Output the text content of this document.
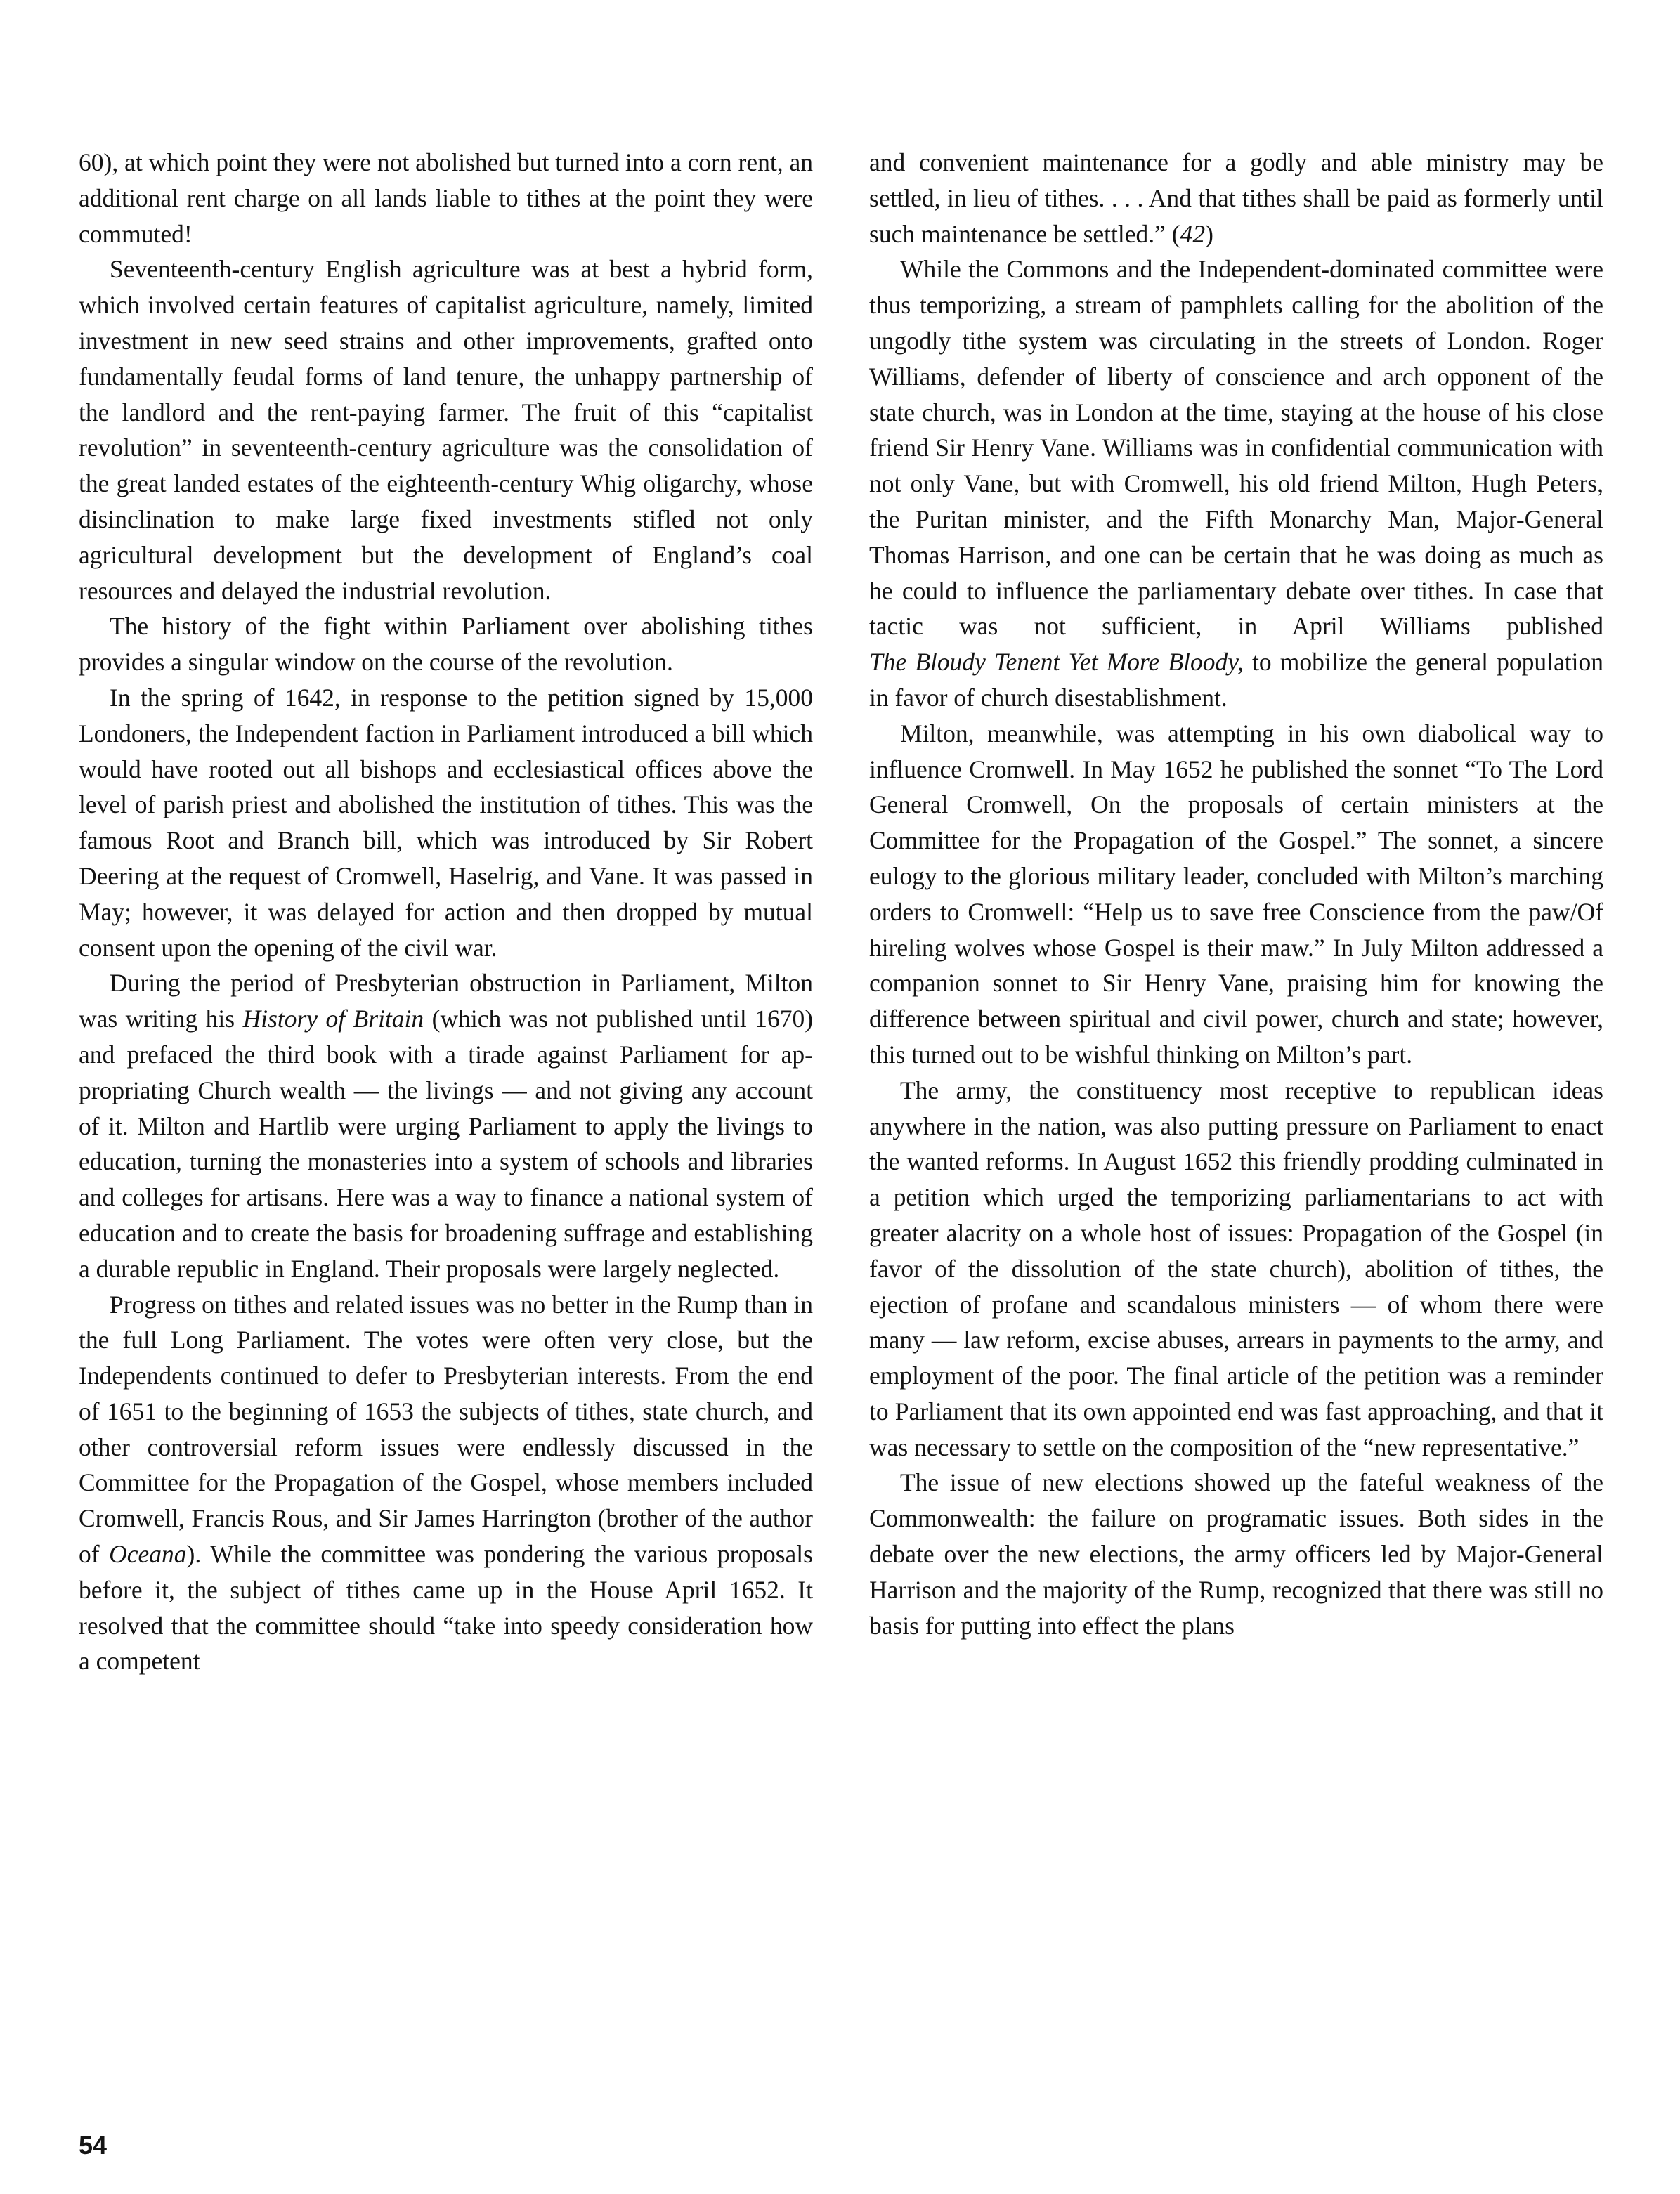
60), at which point they were not abolished but turned into a corn rent, an additional rent charge on all lands liable to tithes at the point they were commuted!

Seventeenth-century English agriculture was at best a hybrid form, which involved certain features of capitalist agriculture, namely, limited investment in new seed strains and other improvements, grafted onto fundamentally feudal forms of land tenure, the unhappy partnership of the landlord and the rent-paying farmer. The fruit of this “capitalist revolution” in seventeenth-century agriculture was the consolidation of the great landed estates of the eighteenth-century Whig oligarchy, whose disinclination to make large fixed investments stifled not only agricultural development but the development of England’s coal resources and delayed the industrial revolution.

The history of the fight within Parliament over abolishing tithes provides a singular window on the course of the revolution.

In the spring of 1642, in response to the petition signed by 15,000 Londoners, the Independent faction in Parliament introduced a bill which would have rooted out all bishops and ecclesiastical offices above the level of parish priest and abolished the institution of tithes. This was the famous Root and Branch bill, which was introduced by Sir Robert Deering at the request of Cromwell, Haselrig, and Vane. It was passed in May; however, it was delayed for action and then dropped by mutual consent upon the opening of the civil war.

During the period of Presbyterian obstruction in Parliament, Milton was writing his History of Britain (which was not published until 1670) and prefaced the third book with a tirade against Parliament for appropriating Church wealth — the livings — and not giving any account of it. Milton and Hartlib were urging Parliament to apply the livings to education, turning the monasteries into a system of schools and libraries and colleges for artisans. Here was a way to finance a national system of education and to create the basis for broadening suffrage and establishing a durable republic in England. Their proposals were largely neglected.

Progress on tithes and related issues was no better in the Rump than in the full Long Parliament. The votes were often very close, but the Independents continued to defer to Presbyterian interests. From the end of 1651 to the beginning of 1653 the subjects of tithes, state church, and other controversial reform issues were endlessly discussed in the Committee for the Propagation of the Gospel, whose members included Cromwell, Francis Rous, and Sir James Harrington (brother of the author of Oceana). While the committee was pondering the various proposals before it, the subject of tithes came up in the House April 1652. It resolved that the committee should “take into speedy consideration how a competent

and convenient maintenance for a godly and able ministry may be settled, in lieu of tithes. . . . And that tithes shall be paid as formerly until such maintenance be settled.” (42)

While the Commons and the Independent-dominated committee were thus temporizing, a stream of pamphlets calling for the abolition of the ungodly tithe system was circulating in the streets of London. Roger Williams, defender of liberty of conscience and arch opponent of the state church, was in London at the time, staying at the house of his close friend Sir Henry Vane. Williams was in confidential communication with not only Vane, but with Cromwell, his old friend Milton, Hugh Peters, the Puritan minister, and the Fifth Monarchy Man, Major-General Thomas Harrison, and one can be certain that he was doing as much as he could to influence the parliamentary debate over tithes. In case that tactic was not sufficient, in April Williams published

The Bloudy Tenent Yet More Bloody, to mobilize the general population in favor of church disestablishment.

Milton, meanwhile, was attempting in his own diabolical way to influence Cromwell. In May 1652 he published the sonnet “To The Lord General Cromwell, On the proposals of certain ministers at the Committee for the Propagation of the Gospel.” The sonnet, a sincere eulogy to the glorious military leader, concluded with Milton’s marching orders to Cromwell: “Help us to save free Conscience from the paw/Of hireling wolves whose Gospel is their maw.” In July Milton addressed a companion sonnet to Sir Henry Vane, praising him for knowing the difference between spiritual and civil power, church and state; however, this turned out to be wishful thinking on Milton’s part.

The army, the constituency most receptive to republican ideas anywhere in the nation, was also putting pressure on Parliament to enact the wanted reforms. In August 1652 this friendly prodding culminated in a petition which urged the temporizing parliamentarians to act with greater alacrity on a whole host of issues: Propagation of the Gospel (in favor of the dissolution of the state church), abolition of tithes, the ejection of profane and scandalous ministers — of whom there were many — law reform, excise abuses, arrears in payments to the army, and employment of the poor. The final article of the petition was a reminder to Parliament that its own appointed end was fast approaching, and that it was necessary to settle on the composition of the “new representative.”

The issue of new elections showed up the fateful weakness of the Commonwealth: the failure on programatic issues. Both sides in the debate over the new elections, the army officers led by Major-General Harrison and the majority of the Rump, recognized that there was still no basis for putting into effect the plans

54
